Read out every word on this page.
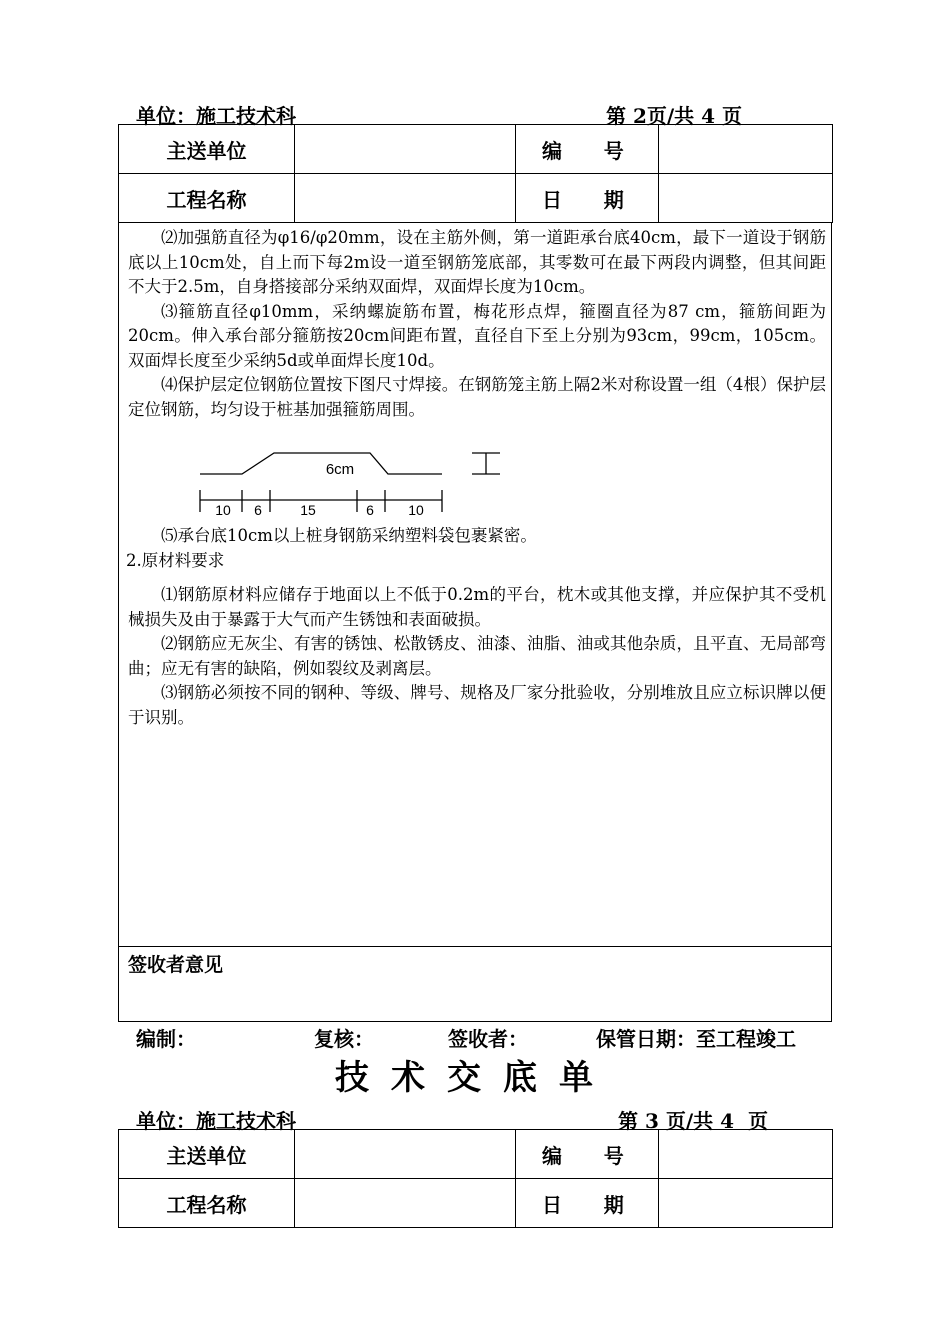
单位：施工技术科	第 2页/共 4 页
主送单位		编      号	
工程名称		日      期	

⑵加强筋直径为φ16/φ20mm，设在主筋外侧，第一道距承台底40cm，最下一道设于钢筋底以上10cm处，自上而下每2m设一道至钢筋笼底部，其零数可在最下两段内调整，但其间距不大于2.5m，自身搭接部分采纳双面焊，双面焊长度为10cm。

⑶箍筋直径φ10mm，采纳螺旋筋布置，梅花形点焊，箍圈直径为87 cm，箍筋间距为20cm。伸入承台部分箍筋按20cm间距布置，直径自下至上分别为93cm，99cm，105cm。双面焊长度至少采纳5d或单面焊长度10d。

⑷保护层定位钢筋位置按下图尺寸焊接。在钢筋笼主筋上隔2米对称设置一组（4根）保护层定位钢筋，均匀设于桩基加强箍筋周围。

6cm
10 6	15	6 10

⑸承台底10cm以上桩身钢筋采纳塑料袋包裹紧密。

2.原材料要求

⑴钢筋原材料应储存于地面以上不低于0.2m的平台，枕木或其他支撑，并应保护其不受机械损失及由于暴露于大气而产生锈蚀和表面破损。

⑵钢筋应无灰尘、有害的锈蚀、松散锈皮、油漆、油脂、油或其他杂质，且平直、无局部弯曲；应无有害的缺陷，例如裂纹及剥离层。

⑶钢筋必须按不同的钢种、等级、牌号、规格及厂家分批验收，分别堆放且应立标识牌以便于识别。

签收者意见
编制：	复核：	签收者：	保管日期：至工程竣工
技术交底单
单位：施工技术科	第 3 页/共 4  页
主送单位		编      号	
工程名称		日      期	
